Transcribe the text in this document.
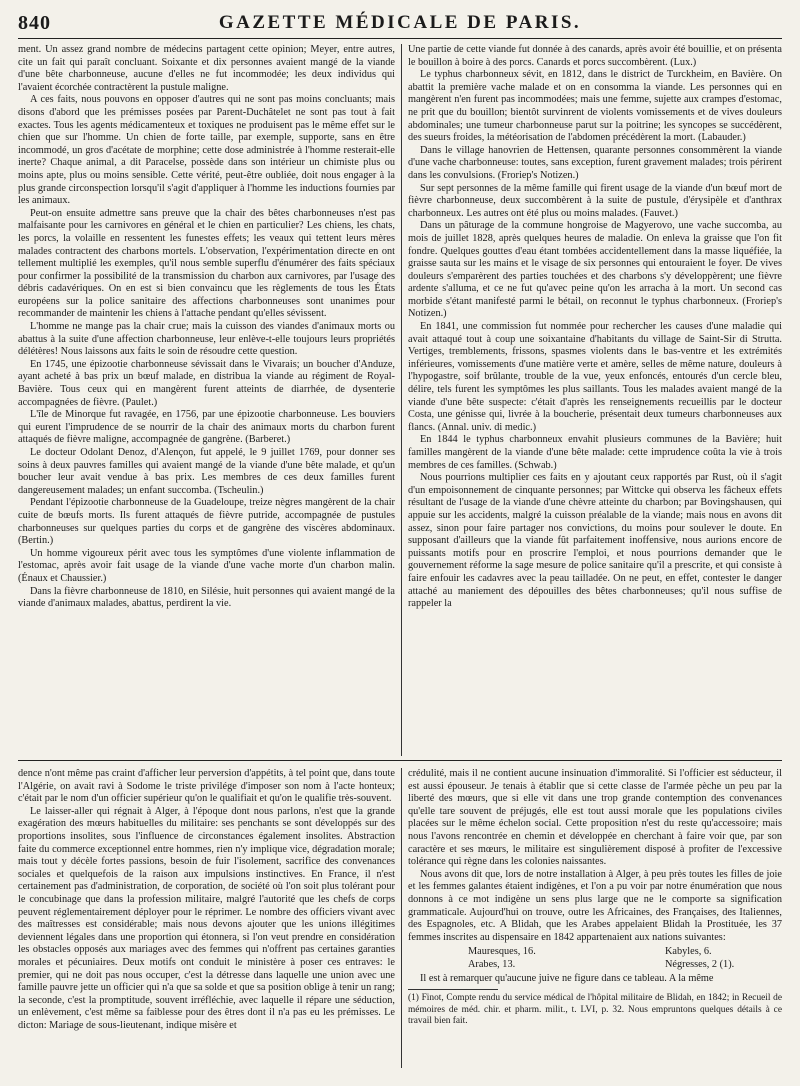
840	GAZETTE MÉDICALE DE PARIS.

ment. Un assez grand nombre de médecins partagent cette opinion; Meyer, entre autres, cite un fait qui paraît concluant. Soixante et dix personnes avaient mangé de la viande d'une bête charbonneuse, aucune d'elles ne fut incommodée; les deux individus qui l'avaient écorchée contractèrent la pustule maligne.

A ces faits, nous pouvons en opposer d'autres qui ne sont pas moins concluants; mais disons d'abord que les prémisses posées par Parent-Duchâtelet ne sont pas tout à fait exactes. Tous les agents médicamenteux et toxiques ne produisent pas le même effet sur le chien que sur l'homme. Un chien de forte taille, par exemple, supporte, sans en être incommodé, un gros d'acétate de morphine; cette dose administrée à l'homme resterait-elle inerte? Chaque animal, a dit Paracelse, possède dans son intérieur un chimiste plus ou moins apte, plus ou moins sensible. Cette vérité, peut-être oubliée, doit nous engager à la plus grande circonspection lorsqu'il s'agit d'appliquer à l'homme les inductions fournies par les animaux.

Peut-on ensuite admettre sans preuve que la chair des bêtes charbonneuses n'est pas malfaisante pour les carnivores en général et le chien en particulier? Les chiens, les chats, les porcs, la volaille en ressentent les funestes effets; les veaux qui tettent leurs mères malades contractent des charbons mortels. L'observation, l'expérimentation directe en ont tellement multiplié les exemples, qu'il nous semble superflu d'énumérer des faits spéciaux pour confirmer la possibilité de la transmission du charbon aux carnivores, par l'usage des débris cadavériques. On en est si bien convaincu que les règlements de tous les États européens sur la police sanitaire des affections charbonneuses sont unanimes pour recommander de maintenir les chiens à l'attache pendant qu'elles sévissent.

L'homme ne mange pas la chair crue; mais la cuisson des viandes d'animaux morts ou abattus à la suite d'une affection charbonneuse, leur enlève-t-elle toujours leurs propriétés délétères! Nous laissons aux faits le soin de résoudre cette question.

En 1745, une épizootie charbonneuse sévissait dans le Vivarais; un boucher d'Anduze, ayant acheté à bas prix un bœuf malade, en distribua la viande au régiment de Royal-Bavière. Tous ceux qui en mangèrent furent atteints de diarrhée, de dysenterie accompagnées de fièvre. (Paulet.)

L'île de Minorque fut ravagée, en 1756, par une épizootie charbonneuse. Les bouviers qui eurent l'imprudence de se nourrir de la chair des animaux morts du charbon furent attaqués de fièvre maligne, accompagnée de gangrène. (Barberet.)

Le docteur Odolant Denoz, d'Alençon, fut appelé, le 9 juillet 1769, pour donner ses soins à deux pauvres familles qui avaient mangé de la viande d'une bête malade, et qu'un boucher leur avait vendue à bas prix. Les membres de ces deux familles furent dangereusement malades; un enfant succomba. (Tscheulin.)

Pendant l'épizootie charbonneuse de la Guadeloupe, treize nègres mangèrent de la chair cuite de bœufs morts. Ils furent attaqués de fièvre putride, accompagnée de pustules charbonneuses sur quelques parties du corps et de gangrène des viscères abdominaux. (Bertin.)

Un homme vigoureux périt avec tous les symptômes d'une violente inflammation de l'estomac, après avoir fait usage de la viande d'une vache morte d'un charbon malin. (Énaux et Chaussier.)

Dans la fièvre charbonneuse de 1810, en Silésie, huit personnes qui avaient mangé de la viande d'animaux malades, abattus, perdirent la vie.

Une partie de cette viande fut donnée à des canards, après avoir été bouillie, et on présenta le bouillon à boire à des porcs. Canards et porcs succombèrent. (Lux.)

Le typhus charbonneux sévit, en 1812, dans le district de Turckheim, en Bavière. On abattit la première vache malade et on en consomma la viande. Les personnes qui en mangèrent n'en furent pas incommodées; mais une femme, sujette aux crampes d'estomac, ne prit que du bouillon; bientôt survinrent de violents vomissements et de vives douleurs abdominales; une tumeur charbonneuse parut sur la poitrine; les syncopes se succédèrent, des sueurs froides, la météorisation de l'abdomen précédèrent la mort. (Labauder.)

Dans le village hanovrien de Hettensen, quarante personnes consommèrent la viande d'une vache charbonneuse: toutes, sans exception, furent gravement malades; trois périrent dans les convulsions. (Froriep's Notizen.)

Sur sept personnes de la même famille qui firent usage de la viande d'un bœuf mort de fièvre charbonneuse, deux succombèrent à la suite de pustule, d'érysipèle et d'anthrax charbonneux. Les autres ont été plus ou moins malades. (Fauvet.)

Dans un pâturage de la commune hongroise de Magyerovo, une vache succomba, au mois de juillet 1828, après quelques heures de maladie. On enleva la graisse que l'on fit fondre. Quelques gouttes d'eau étant tombées accidentellement dans la masse liquéfiée, la graisse sauta sur les mains et le visage de six personnes qui entouraient le foyer. De vives douleurs s'emparèrent des parties touchées et des charbons s'y développèrent; une fièvre ardente s'alluma, et ce ne fut qu'avec peine qu'on les arracha à la mort. Un second cas morbide s'étant manifesté parmi le bétail, on reconnut le typhus charbonneux. (Froriep's Notizen.)

En 1841, une commission fut nommée pour rechercher les causes d'une maladie qui avait attaqué tout à coup une soixantaine d'habitants du village de Saint-Sir di Strutta. Vertiges, tremblements, frissons, spasmes violents dans le bas-ventre et les extrémités inférieures, vomissements d'une matière verte et amère, selles de même nature, douleurs à l'hypogastre, soif brûlante, trouble de la vue, yeux enfoncés, entourés d'un cercle bleu, délire, tels furent les symptômes les plus saillants. Tous les malades avaient mangé de la viande d'une bête suspecte: c'était d'après les renseignements recueillis par le docteur Costa, une génisse qui, livrée à la boucherie, présentait deux tumeurs charbonneuses aux flancs. (Annal. univ. di medic.)

En 1844 le typhus charbonneux envahit plusieurs communes de la Bavière; huit familles mangèrent de la viande d'une bête malade: cette imprudence coûta la vie à trois membres de ces familles. (Schwab.)

Nous pourrions multiplier ces faits en y ajoutant ceux rapportés par Rust, où il s'agit d'un empoisonnement de cinquante personnes; par Wittcke qui observa les fâcheux effets résultant de l'usage de la viande d'une chèvre atteinte du charbon; par Bovingshausen, qui appuie sur les accidents, malgré la cuisson préalable de la viande; mais nous en avons dit assez, sinon pour faire partager nos convictions, du moins pour soulever le doute. En supposant d'ailleurs que la viande fût parfaitement inoffensive, nous aurions encore de puissants motifs pour en proscrire l'emploi, et nous pourrions demander que le gouvernement réforme la sage mesure de police sanitaire qu'il a prescrite, et qui consiste à faire enfouir les cadavres avec la peau tailladée. On ne peut, en effet, contester le danger attaché au maniement des dépouilles des bêtes charbonneuses; qu'il nous suffise de rappeler la

dence n'ont même pas craint d'afficher leur perversion d'appétits, à tel point que, dans toute l'Algérie, on avait ravi à Sodome le triste privilége d'imposer son nom à l'acte honteux; c'était par le nom d'un officier supérieur qu'on le qualifiait et qu'on le qualifie très-souvent.

Le laisser-aller qui régnait à Alger, à l'époque dont nous parlons, n'est que la grande exagération des mœurs habituelles du militaire: ses penchants se sont développés sur des proportions insolites, sous l'influence de circonstances également insolites. Abstraction faite du commerce exceptionnel entre hommes, rien n'y implique vice, dégradation morale; mais tout y décèle fortes passions, besoin de fuir l'isolement, sacrifice des convenances sociales et quelquefois de la raison aux impulsions instinctives. En France, il n'est certainement pas d'administration, de corporation, de société où l'on soit plus tolérant pour le concubinage que dans la profession militaire, malgré l'autorité que les chefs de corps peuvent réglementairement déployer pour le réprimer. Le nombre des officiers vivant avec des maîtresses est considérable; mais nous devons ajouter que les unions illégitimes deviennent légales dans une proportion qui étonnera, si l'on veut prendre en considération les obstacles opposés aux mariages avec des femmes qui n'offrent pas certaines garanties morales et pécuniaires. Deux motifs ont conduit le ministère à poser ces entraves: le premier, qui ne doit pas nous occuper, c'est la détresse dans laquelle une union avec une famille pauvre jette un officier qui n'a que sa solde et que sa position oblige à tenir un rang; la seconde, c'est la promptitude, souvent irréfléchie, avec laquelle il répare une séduction, un enlèvement, c'est même sa faiblesse pour des êtres dont il n'a pas eu les prémisses. Le dicton: Mariage de sous-lieutenant, indique misère et

crédulité, mais il ne contient aucune insinuation d'immoralité. Si l'officier est séducteur, il est aussi épouseur. Je tenais à établir que si cette classe de l'armée pèche un peu par la liberté des mœurs, que si elle vit dans une trop grande contemption des convenances qu'elle tare souvent de préjugés, elle est tout aussi morale que les populations civiles placées sur le même échelon social. Cette proposition n'est du reste qu'accessoire; mais nous l'avons rencontrée en chemin et développée en cherchant à faire voir que, par son caractère et ses mœurs, le militaire est singulièrement disposé à profiter de l'excessive tolérance qui règne dans les colonies naissantes.

Nous avons dit que, lors de notre installation à Alger, à peu près toutes les filles de joie et les femmes galantes étaient indigènes, et l'on a pu voir par notre énumération que nous donnons à ce mot indigène un sens plus large que ne le comporte sa signification grammaticale. Aujourd'hui on trouve, outre les Africaines, des Françaises, des Italiennes, des Espagnoles, etc. A Blidah, que les Arabes appelaient Blidah la Prostituée, les 37 femmes inscrites au dispensaire en 1842 appartenaient aux nations suivantes:

Mauresques, 16.	Kabyles, 6.
Arabes, 13.	Négresses, 2 (1).

Il est à remarquer qu'aucune juive ne figure dans ce tableau. A la même

(1) Finot, Compte rendu du service médical de l'hôpital militaire de Blidah, en 1842; in Recueil de mémoires de méd. chir. et pharm. milit., t. LVI, p. 32. Nous empruntons quelques détails à ce travail bien fait.
